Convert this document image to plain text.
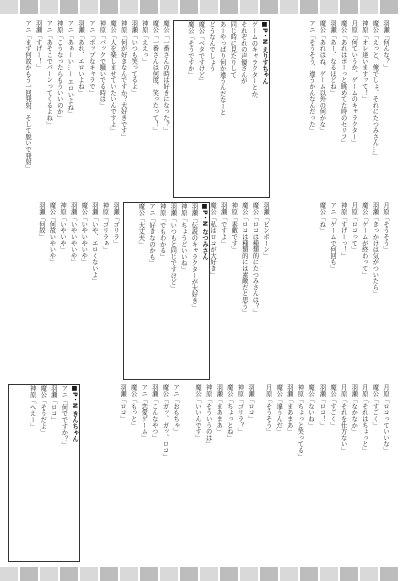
羽瀬「何んな？」

魔公「えっと、俺でしょ、それにたつみさん…」

神原「オレ達いますッて！」

月原「何ていうか、ゲームのキャラクター」

魔公「あれはボーっと眺めてた時のセリフ」

羽瀬「あー、なるほどね」

魔公「あれはね、ゲーム以外の何かな」

アニ「そうそう、違うかんなんだった」

■P・N えりすちゃん

ゲームのキャラクターとか、

それぞれの声優さんが

同じ時に見たりして

あーやっぱり何か違うんだなーと

どうなんでしょう

魔公「ベタですけど」

魔公「そうですか」

魔公「一番さんの時は好きになった？」

魔公「一番さんは何度、笑ったって！」

神原「ええっ」

羽瀬「いつも笑ってるよ」

神原「何が好きなんですか？大好きです」

魔公「人を楽しませていたいんですよ」

神原「バックで騒いでる時は」

アニ「ポップなキャラで」

羽瀬「あれ、エロいよね」

アニ「あぁーい…ー エロいよね」

神原「こうなったらもういいのか」

アニ「あそこでバーンってくるよね」

羽瀬「すげー！」

アニ「まず何故かもう一回発射、そして脱いで発射」

月原「そうそう」

羽瀬「きっかけは気がついたら」

魔公「ゲームが終わって」

月原「ロコって」

神原「すげーっ！」

アニ「ゲームで何回も」

魔公「ね」

羽瀬「ピンポーン」

魔公「ロコは種類的にたつみさんは？」

魔公「ロコは種類的には素敵だと思う」

神原「素敵です」

羽瀬「ですよ」

魔公「私はロコが大好き」

■P・N なつみさん

羽瀬「伝説のキャラクターが大好き」

神原「ちょうどいいね」

羽瀬「いつもと同じですけど」

神原「でもわかる」

アニ「好きなのかも」

魔公「大丈夫」

羽瀬「ゴリラ」

神原「ゴリラぁ」

羽瀬「いや、エロくないよ」

魔公「いやいやいや」

羽瀬「いやいやいや」

神原「いやいや」

魔公「何故いやいや」

羽瀬「何故」

月原「ロコっていいな」

魔公「すごく」

月原「それはちょっと」

羽瀬「なかなか」

月原「それを仕方ない」

魔公「すごく」

羽瀬「ロコ！」

魔公「ないね」

神原「ちょっと笑ってる」

羽瀬「まあまあ」

魔公「違うんだ」

月原「そうそう」

羽瀬「ロコ」

神原「ゴリラ？」

魔公「ちょっとね」

羽瀬「まあまあ」

神原「そういうのは」

魔公「いいんです」

アニ「おもちゃ」

魔公「ガッ、ガッ、ロコ」

羽瀬「こんなやつ」

アニ「恋愛ゲーム」

魔公「もっと」

羽瀬「ロコ」

■P・N きんちゃん

アニ「何でですか？」

羽瀬「ロコ」

魔公「そうだよ」

神原「へえー」
